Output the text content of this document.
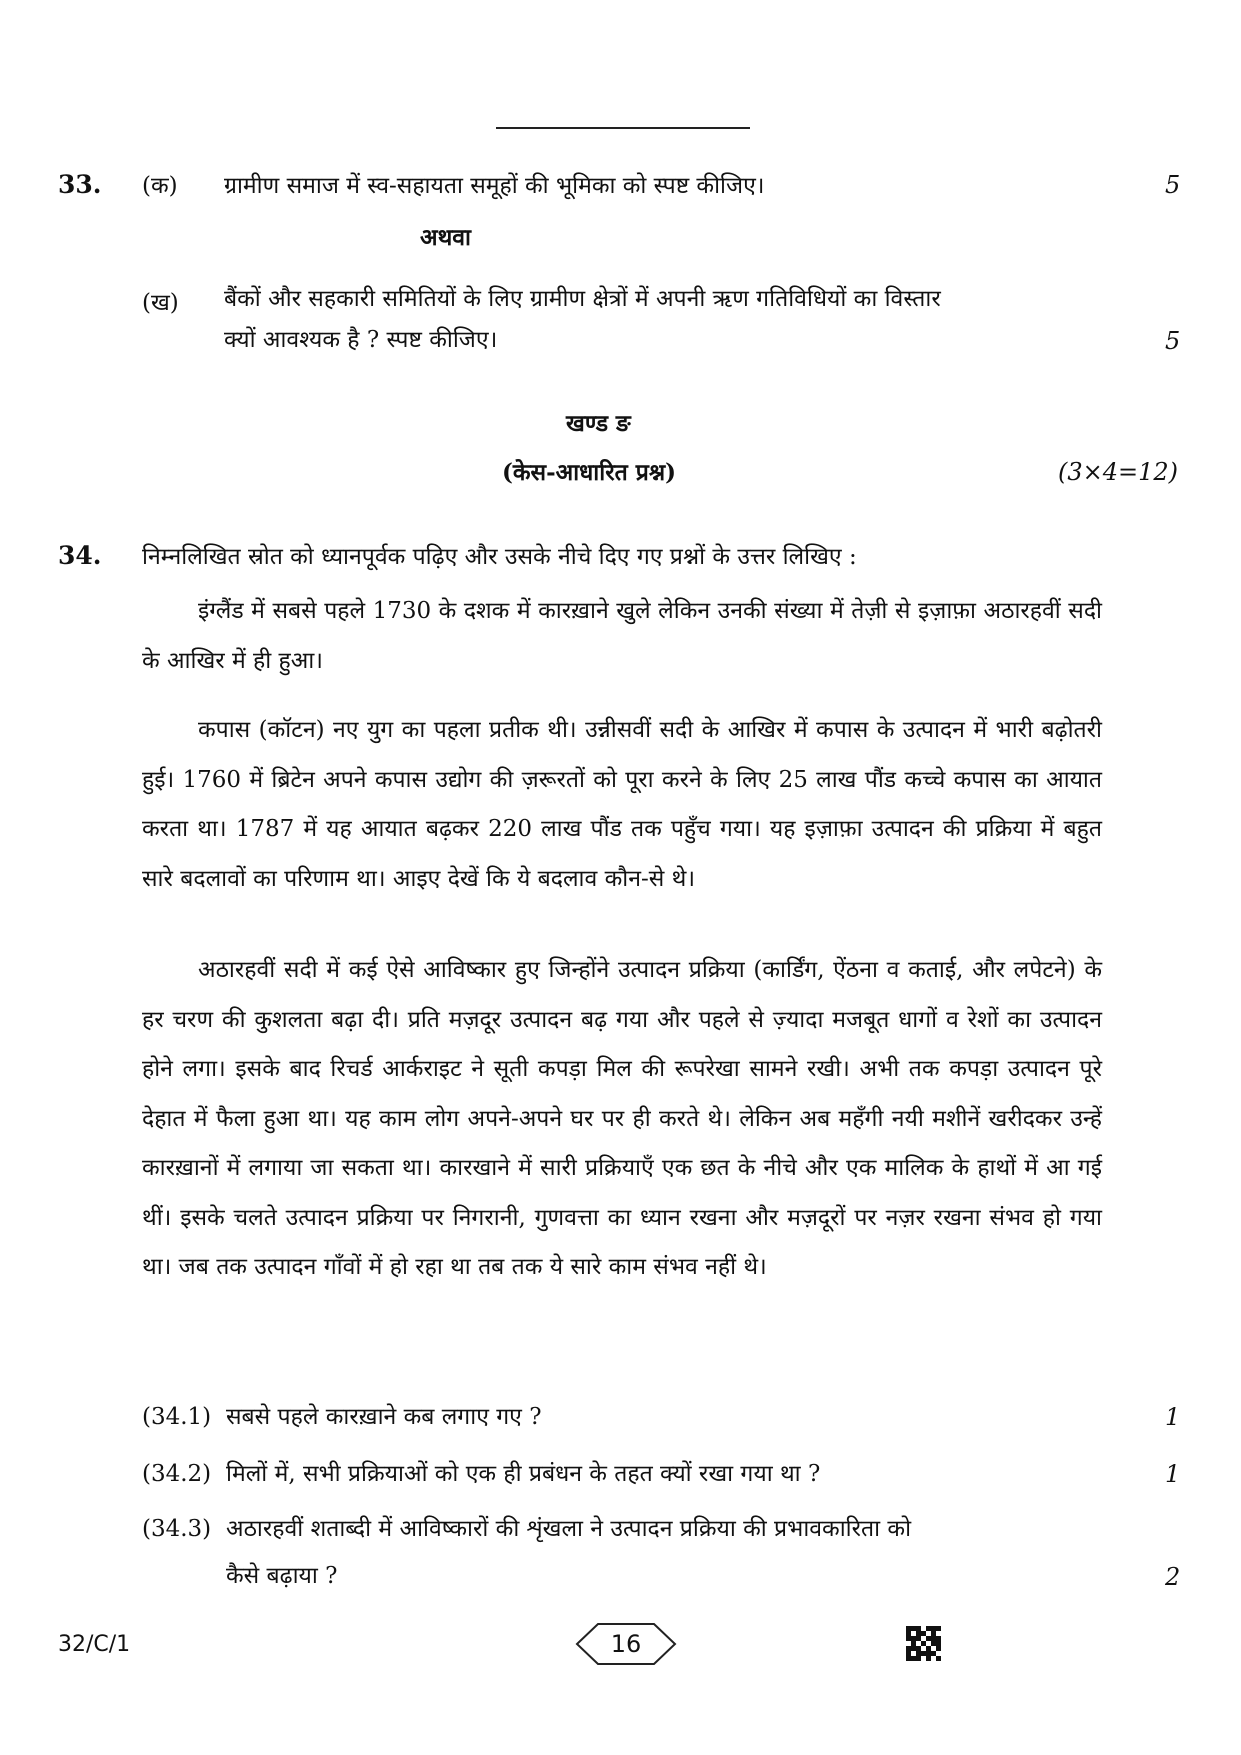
33. (क) ग्रामीण समाज में स्व-सहायता समूहों की भूमिका को स्पष्ट कीजिए।	5
अथवा
(ख) बैंकों और सहकारी समितियों के लिए ग्रामीण क्षेत्रों में अपनी ऋण गतिविधियों का विस्तार
क्यों आवश्यक है ? स्पष्ट कीजिए।	5
खण्ड ङ
(केस-आधारित प्रश्न)	(3×4=12)
34. निम्नलिखित स्रोत को ध्यानपूर्वक पढ़िए और उसके नीचे दिए गए प्रश्नों के उत्तर लिखिए :

इंग्लैंड में सबसे पहले 1730 के दशक में कारख़ाने खुले लेकिन उनकी संख्या में तेज़ी से इज़ाफ़ा अठारहवीं सदी के आखिर में ही हुआ।

कपास (कॉटन) नए युग का पहला प्रतीक थी। उन्नीसवीं सदी के आखिर में कपास के उत्पादन में भारी बढ़ोतरी हुई। 1760 में ब्रिटेन अपने कपास उद्योग की ज़रूरतों को पूरा करने के लिए 25 लाख पौंड कच्चे कपास का आयात करता था। 1787 में यह आयात बढ़कर 220 लाख पौंड तक पहुँच गया। यह इज़ाफ़ा उत्पादन की प्रक्रिया में बहुत सारे बदलावों का परिणाम था। आइए देखें कि ये बदलाव कौन-से थे।

अठारहवीं सदी में कई ऐसे आविष्कार हुए जिन्होंने उत्पादन प्रक्रिया (कार्डिंग, ऐंठना व कताई, और लपेटने) के हर चरण की कुशलता बढ़ा दी। प्रति मज़दूर उत्पादन बढ़ गया और पहले से ज़्यादा मजबूत धागों व रेशों का उत्पादन होने लगा। इसके बाद रिचर्ड आर्कराइट ने सूती कपड़ा मिल की रूपरेखा सामने रखी। अभी तक कपड़ा उत्पादन पूरे देहात में फैला हुआ था। यह काम लोग अपने-अपने घर पर ही करते थे। लेकिन अब महँगी नयी मशीनें खरीदकर उन्हें कारख़ानों में लगाया जा सकता था। कारखाने में सारी प्रक्रियाएँ एक छत के नीचे और एक मालिक के हाथों में आ गई थीं। इसके चलते उत्पादन प्रक्रिया पर निगरानी, गुणवत्ता का ध्यान रखना और मज़दूरों पर नज़र रखना संभव हो गया था। जब तक उत्पादन गाँवों में हो रहा था तब तक ये सारे काम संभव नहीं थे।

(34.1) सबसे पहले कारख़ाने कब लगाए गए ?	1
(34.2) मिलों में, सभी प्रक्रियाओं को एक ही प्रबंधन के तहत क्यों रखा गया था ?	1
(34.3) अठारहवीं शताब्दी में आविष्कारों की शृंखला ने उत्पादन प्रक्रिया की प्रभावकारिता को
कैसे बढ़ाया ?	2
32/C/1	16
